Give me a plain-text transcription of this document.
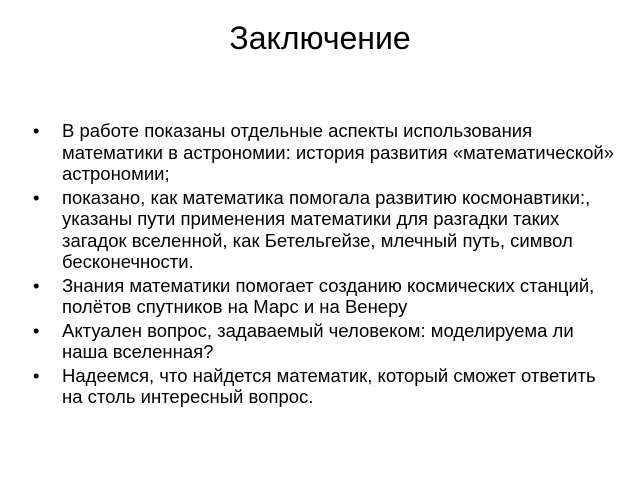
Заключение
• В работе показаны отдельные аспекты использования математики в астрономии: история развития «математической» астрономии;
• показано, как математика помогала развитию космонавтики:, указаны пути применения математики для разгадки таких загадок вселенной, как Бетельгейзе, млечный путь, символ бесконечности.
• Знания математики помогает созданию космических станций, полётов спутников на Марс и на Венеру
• Актуален вопрос, задаваемый человеком: моделируема ли наша вселенная?
• Надеемся, что найдется математик, который сможет ответить на столь интересный вопрос.
